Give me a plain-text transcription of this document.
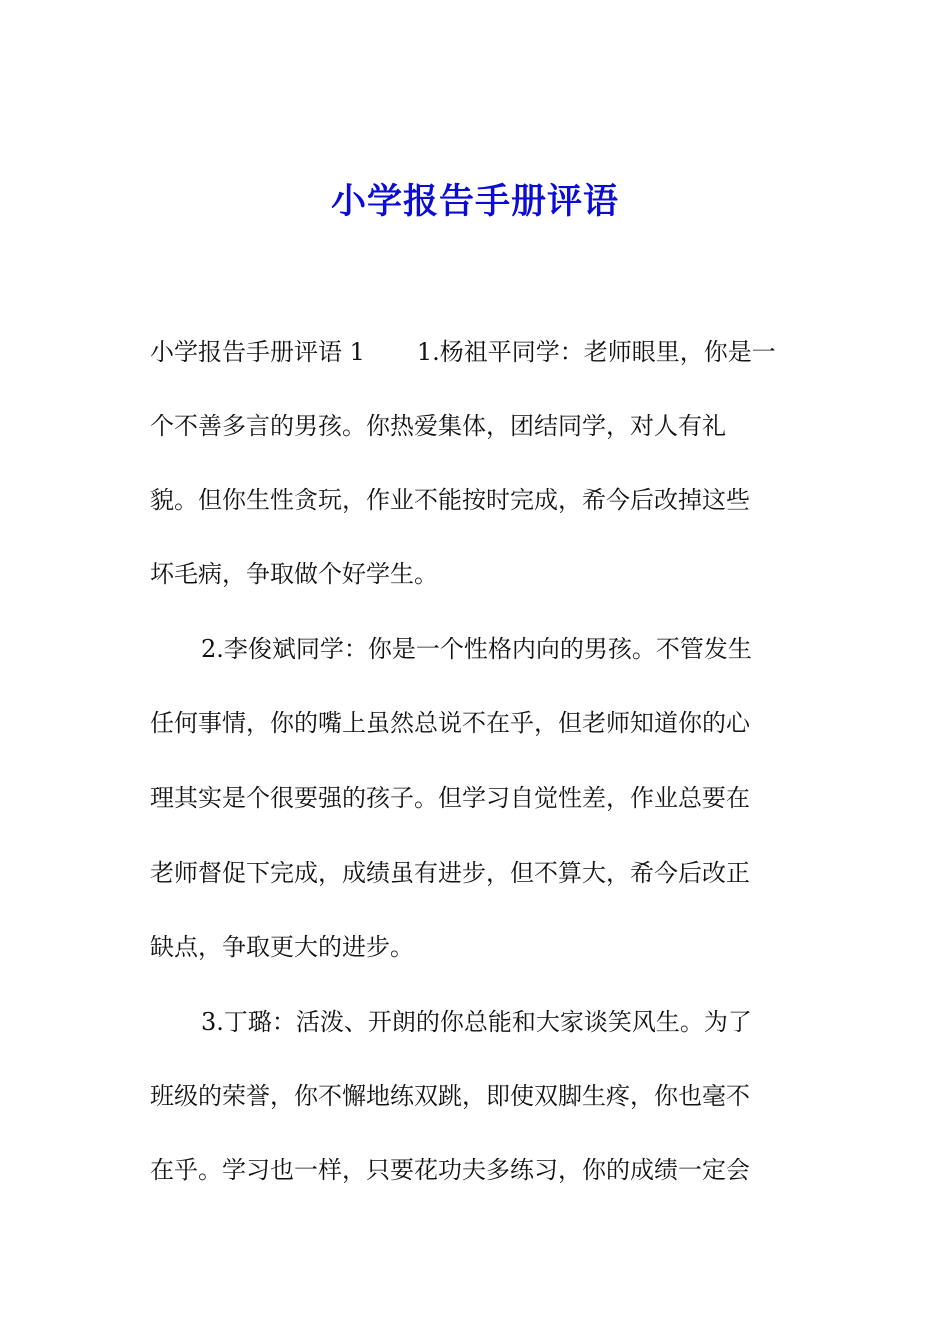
小学报告手册评语
小学报告手册评语 1 1.杨祖平同学：老师眼里，你是一
个不善多言的男孩。你热爱集体，团结同学，对人有礼
貌。但你生性贪玩，作业不能按时完成，希今后改掉这些
坏毛病，争取做个好学生。
2.李俊斌同学：你是一个性格内向的男孩。不管发生
任何事情，你的嘴上虽然总说不在乎，但老师知道你的心
理其实是个很要强的孩子。但学习自觉性差，作业总要在
老师督促下完成，成绩虽有进步，但不算大，希今后改正
缺点，争取更大的进步。
3.丁璐：活泼、开朗的你总能和大家谈笑风生。为了
班级的荣誉，你不懈地练双跳，即使双脚生疼，你也毫不
在乎。学习也一样，只要花功夫多练习，你的成绩一定会
